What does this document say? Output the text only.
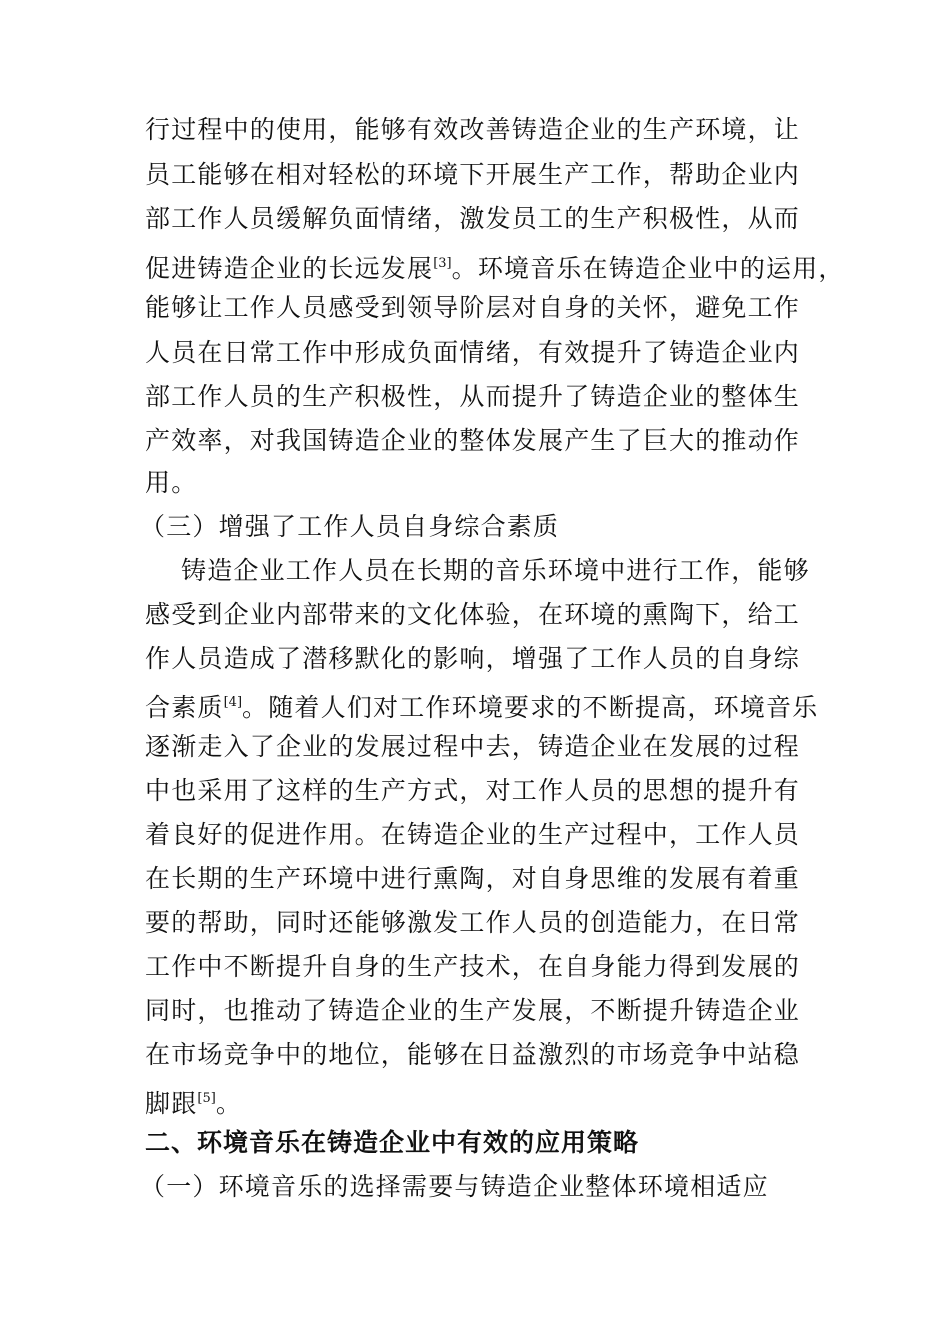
行过程中的使用，能够有效改善铸造企业的生产环境，让
员工能够在相对轻松的环境下开展生产工作，帮助企业内
部工作人员缓解负面情绪，激发员工的生产积极性，从而
促进铸造企业的长远发展[3]。环境音乐在铸造企业中的运用，
能够让工作人员感受到领导阶层对自身的关怀，避免工作
人员在日常工作中形成负面情绪，有效提升了铸造企业内
部工作人员的生产积极性，从而提升了铸造企业的整体生
产效率，对我国铸造企业的整体发展产生了巨大的推动作
用。
（三）增强了工作人员自身综合素质
铸造企业工作人员在长期的音乐环境中进行工作，能够
感受到企业内部带来的文化体验，在环境的熏陶下，给工
作人员造成了潜移默化的影响，增强了工作人员的自身综
合素质[4]。随着人们对工作环境要求的不断提高，环境音乐
逐渐走入了企业的发展过程中去，铸造企业在发展的过程
中也采用了这样的生产方式，对工作人员的思想的提升有
着良好的促进作用。在铸造企业的生产过程中，工作人员
在长期的生产环境中进行熏陶，对自身思维的发展有着重
要的帮助，同时还能够激发工作人员的创造能力，在日常
工作中不断提升自身的生产技术，在自身能力得到发展的
同时，也推动了铸造企业的生产发展，不断提升铸造企业
在市场竞争中的地位，能够在日益激烈的市场竞争中站稳
脚跟[5]。
二、环境音乐在铸造企业中有效的应用策略
（一）环境音乐的选择需要与铸造企业整体环境相适应
